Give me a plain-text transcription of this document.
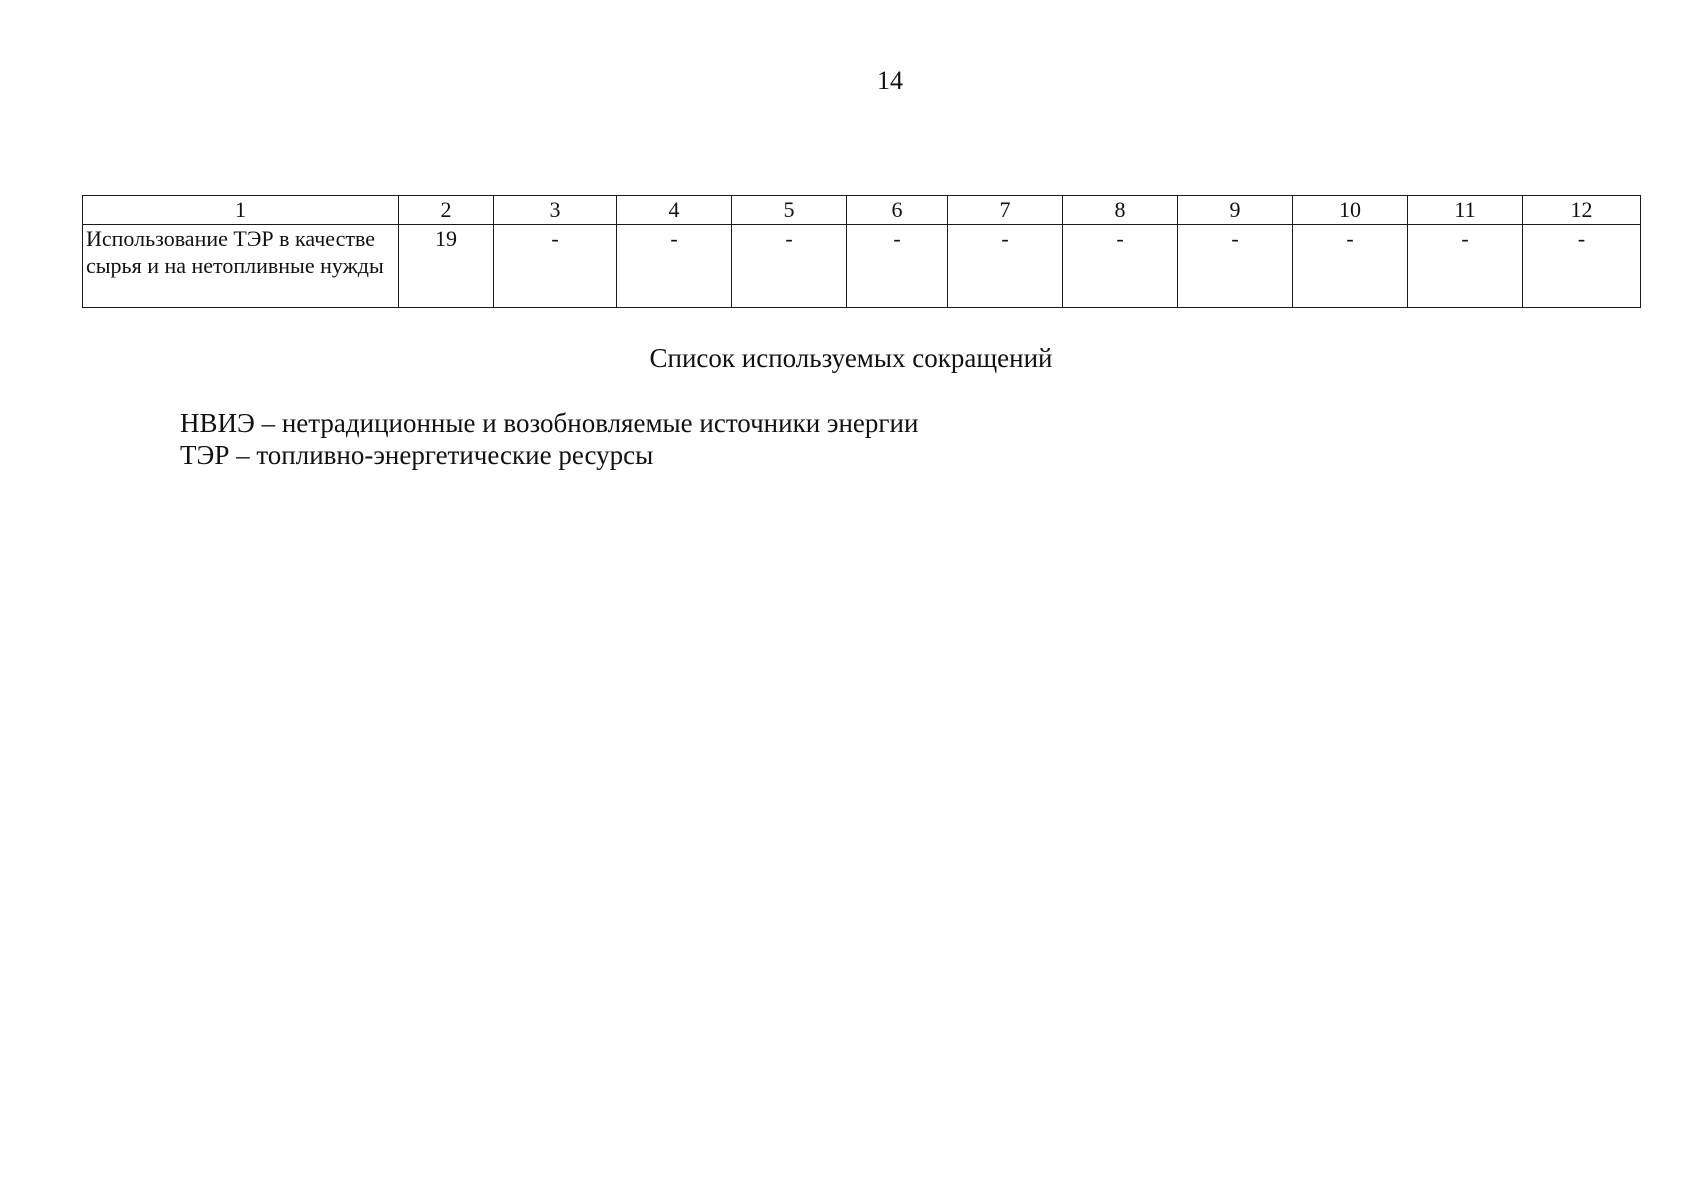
14
1	2	3	4	5	6	7	8	9	10	11	12
Использование ТЭР в качестве сырья и на нетопливные нужды	19	-	-	-	-	-	-	-	-	-	-
Список используемых сокращений
НВИЭ – нетрадиционные и возобновляемые источники энергии
ТЭР – топливно-энергетические ресурсы
